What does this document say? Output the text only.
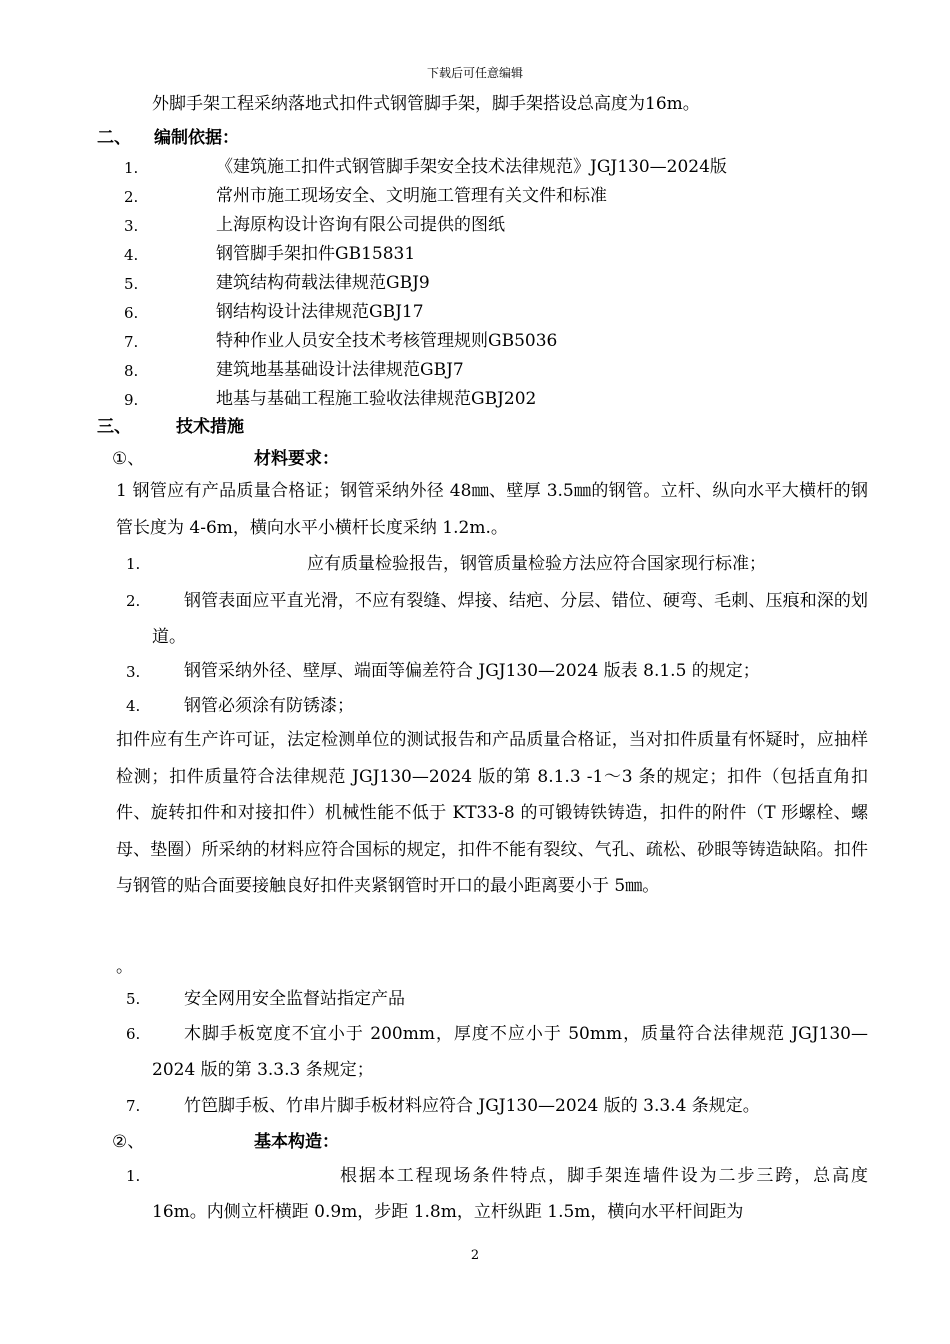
下载后可任意编辑
外脚手架工程采纳落地式扣件式钢管脚手架，脚手架搭设总高度为16m。
二、 编制依据：
1.	《建筑施工扣件式钢管脚手架安全技术法律规范》JGJ130—2024版
2.	常州市施工现场安全、文明施工管理有关文件和标准
3.	上海原构设计咨询有限公司提供的图纸
4.	钢管脚手架扣件GB15831
5.	建筑结构荷载法律规范GBJ9
6.	钢结构设计法律规范GBJ17
7.	特种作业人员安全技术考核管理规则GB5036
8.	建筑地基基础设计法律规范GBJ7
9.	地基与基础工程施工验收法律规范GBJ202
三、	技术措施
①、	材料要求：
1 钢管应有产品质量合格证；钢管采纳外径 48㎜、壁厚 3.5㎜的钢管。立杆、纵向水平大横杆的钢管长度为 4-6m，横向水平小横杆长度采纳 1.2m.。
1.	应有质量检验报告，钢管质量检验方法应符合国家现行标准；
2.	钢管表面应平直光滑，不应有裂缝、焊接、结疤、分层、错位、硬弯、毛刺、压痕和深的划道。
3.	钢管采纳外径、壁厚、端面等偏差符合 JGJ130—2024 版表 8.1.5 的规定；
4.	钢管必须涂有防锈漆；
扣件应有生产许可证，法定检测单位的测试报告和产品质量合格证，当对扣件质量有怀疑时，应抽样检测；扣件质量符合法律规范 JGJ130—2024 版的第 8.1.3 -1～3 条的规定；扣件（包括直角扣件、旋转扣件和对接扣件）机械性能不低于 KT33-8 的可锻铸铁铸造，扣件的附件（T 形螺栓、螺母、垫圈）所采纳的材料应符合国标的规定，扣件不能有裂纹、气孔、疏松、砂眼等铸造缺陷。扣件与钢管的贴合面要接触良好扣件夹紧钢管时开口的最小距离要小于 5㎜。
。
5.	安全网用安全监督站指定产品
6.	木脚手板宽度不宜小于 200mm，厚度不应小于 50mm，质量符合法律规范 JGJ130—2024 版的第 3.3.3 条规定；
7.	竹笆脚手板、竹串片脚手板材料应符合 JGJ130—2024 版的 3.3.4 条规定。
②、	基本构造：
1.	根据本工程现场条件特点，脚手架连墙件设为二步三跨，总高度 16m。内侧立杆横距 0.9m，步距 1.8m，立杆纵距 1.5m，横向水平杆间距为
2
